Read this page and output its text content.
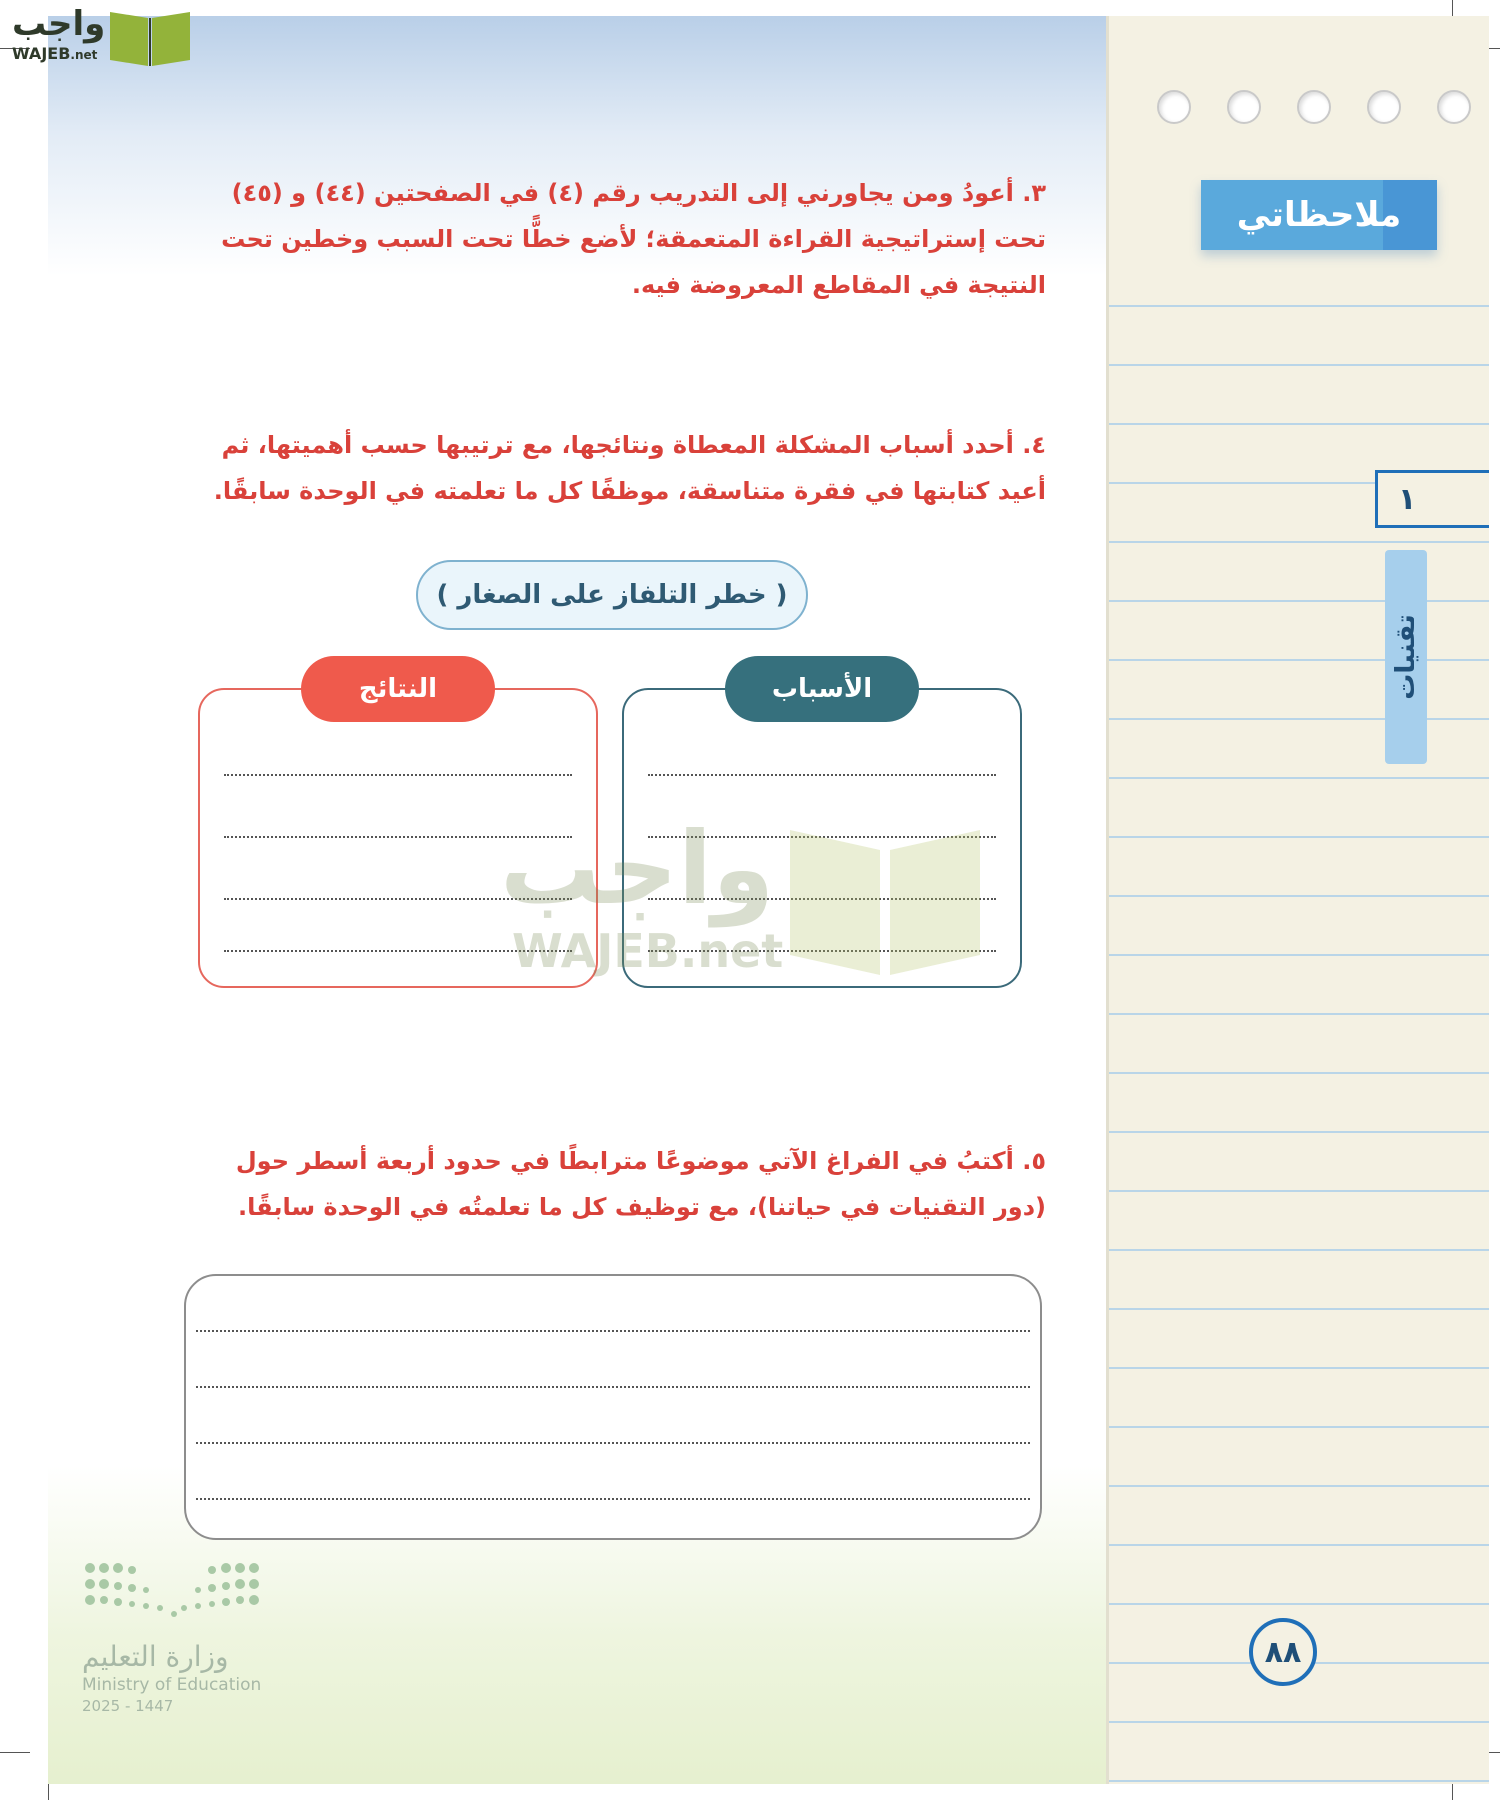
٣. أعودُ ومن يجاورني إلى التدريب رقم (٤) في الصفحتين (٤٤) و (٤٥) تحت إستراتيجية القراءة المتعمقة؛ لأضع خطًّا تحت السبب وخطين تحت النتيجة في المقاطع المعروضة فيه.
٤. أحدد أسباب المشكلة المعطاة ونتائجها، مع ترتيبها حسب أهميتها، ثم أعيد كتابتها في فقرة متناسقة، موظفًا كل ما تعلمته في الوحدة سابقًا.
( خطر التلفاز على الصغار )
الأسباب
النتائج
واجب
WAJEB.net
٥. أكتبُ في الفراغ الآتي موضوعًا مترابطًا في حدود أربعة أسطر حول (دور التقنيات في حياتنا)، مع توظيف كل ما تعلمتُه في الوحدة سابقًا.
وزارة التعليم
Ministry of Education
2025 - 1447
ملاحظاتي
١
تقنيات
٨٨
واجب
WAJEB.net
